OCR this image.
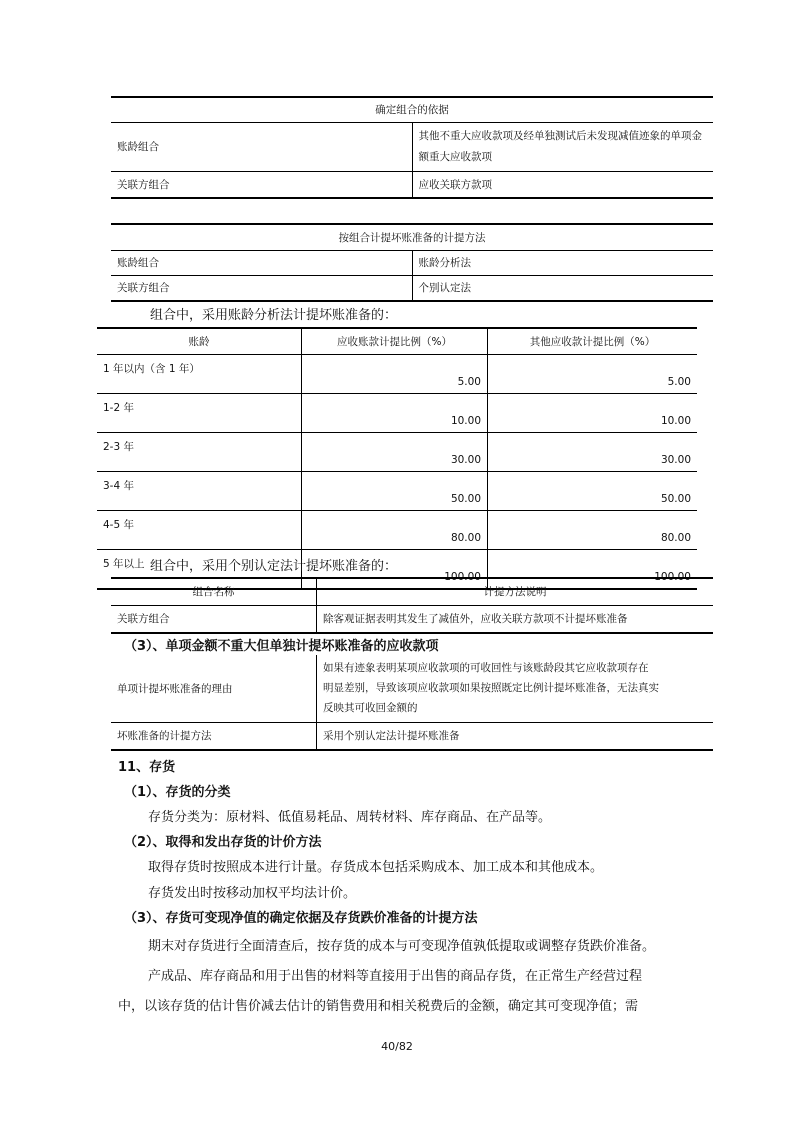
确定组合的依据	
账龄组合	其他不重大应收款项及经单独测试后未发现减值迹象的单项金额重大应收款项
关联方组合	应收关联方款项
按组合计提坏账准备的计提方法	
账龄组合	账龄分析法
关联方组合	个别认定法
组合中，采用账龄分析法计提坏账准备的：
账龄	应收账款计提比例（%）	其他应收款计提比例（%）
1 年以内（含 1 年）	5.00	5.00
1-2 年	10.00	10.00
2-3 年	30.00	30.00
3-4 年	50.00	50.00
4-5 年	80.00	80.00
5 年以上	100.00	100.00
组合中，采用个别认定法计提坏账准备的：
组合名称	计提方法说明
关联方组合	除客观证据表明其发生了减值外，应收关联方款项不计提坏账准备
（3）、单项金额不重大但单独计提坏账准备的应收款项
单项计提坏账准备的理由	如果有迹象表明某项应收款项的可收回性与该账龄段其它应收款项存在
明显差别，导致该项应收款项如果按照既定比例计提坏账准备，无法真实
反映其可收回金额的

坏账准备的计提方法	采用个别认定法计提坏账准备
11、存货
（1）、存货的分类
存货分类为：原材料、低值易耗品、周转材料、库存商品、在产品等。
（2）、取得和发出存货的计价方法
取得存货时按照成本进行计量。存货成本包括采购成本、加工成本和其他成本。
存货发出时按移动加权平均法计价。
（3）、存货可变现净值的确定依据及存货跌价准备的计提方法
期末对存货进行全面清查后，按存货的成本与可变现净值孰低提取或调整存货跌价准备。
产成品、库存商品和用于出售的材料等直接用于出售的商品存货，在正常生产经营过程
中，以该存货的估计售价减去估计的销售费用和相关税费后的金额，确定其可变现净值；需
40/82
